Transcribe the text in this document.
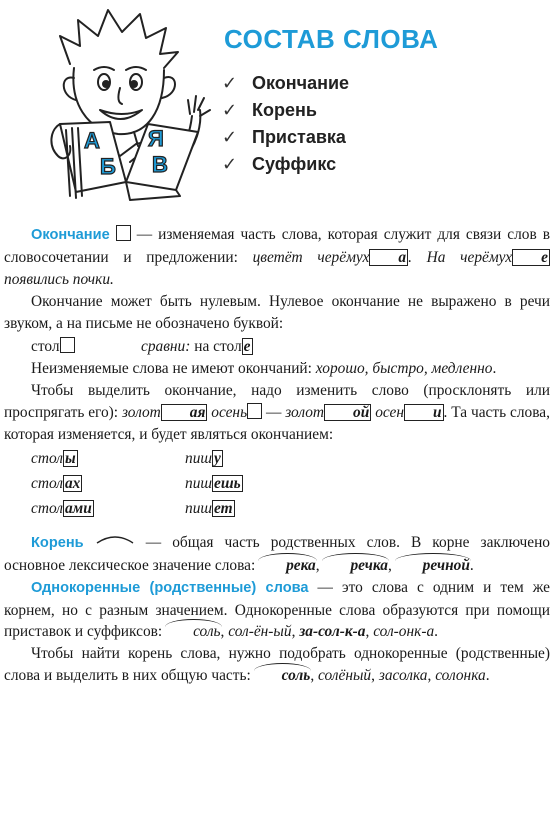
А
Б
Я
В
СОСТАВ СЛОВА
✓ Окончание
✓ Корень
✓ Приставка
✓ Суффикс

Окончание  — изменяемая часть слова, которая служит для связи слов в словосочетании и предложении: цветёт черёмух а . На черёмух е появились почки.

Окончание может быть нулевым. Нулевое окончание не выражено в речи звуком, а на письме не обозначено буквой:

стол	сравни: на стол е

Неизменяемые слова не имеют окончаний: хорошо, быстро, медленно.

Чтобы выделить окончание, надо изменить слово (просклонять или проспрягать его): золот ая осень — золот ой осен и . Та часть слова, которая изменяется, и будет являться окончанием:

стол ы	пиш у

стол ах	пиш ешь

стол ами	пиш ет

Корень	— общая часть родственных слов. В корне заключено основное лексическое значение слова: река, речка, речной.

Однокоренные (родственные) слова — это слова с одним и тем же корнем, но с разным значением. Однокоренные слова образуются при помощи приставок и суффиксов: соль, сол-ён-ый, за-сол-к-а, сол-онк-а.

Чтобы найти корень слова, нужно подобрать однокоренные (родственные) слова и выделить в них общую часть: соль, солёный, засолка, солонка.
